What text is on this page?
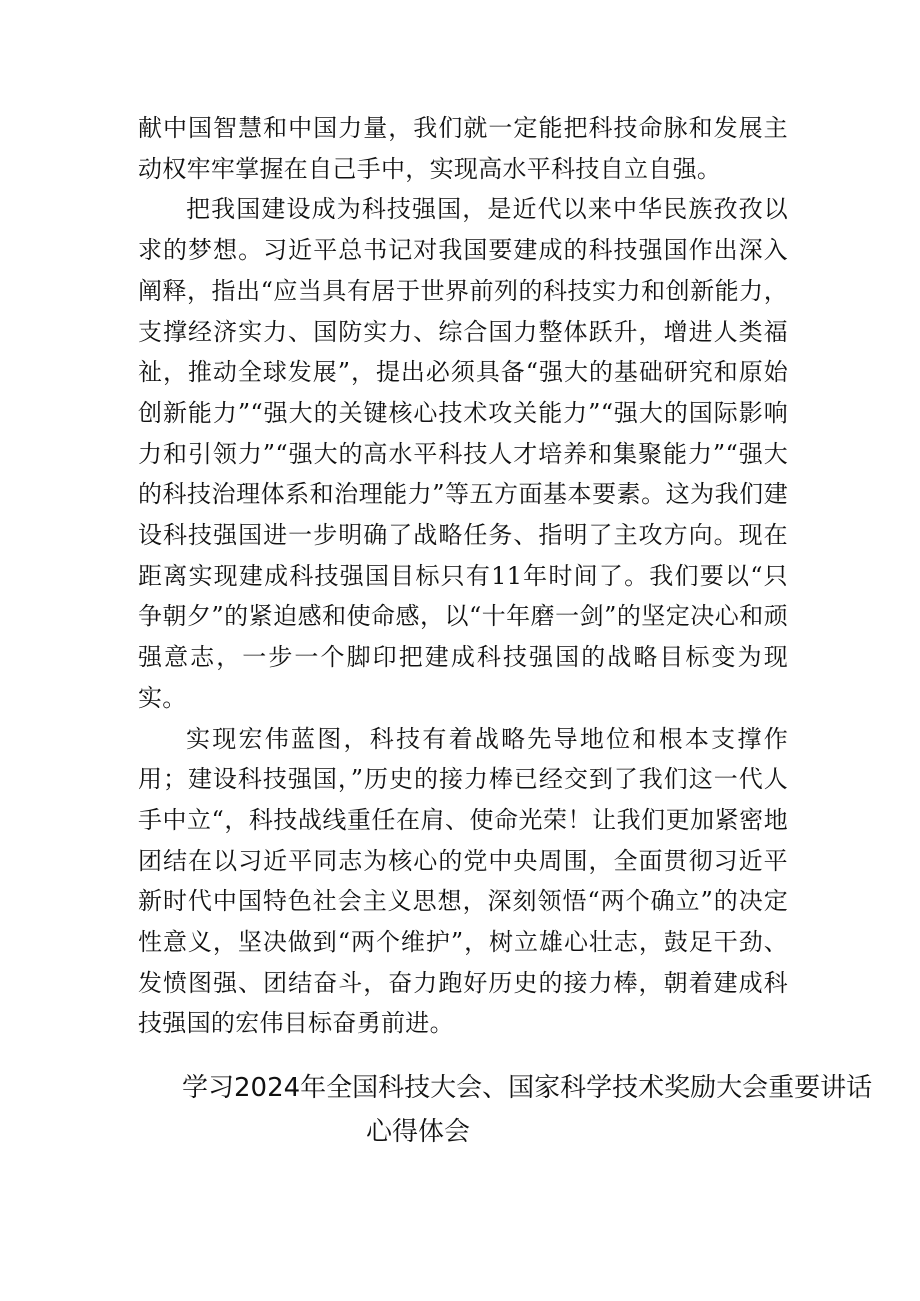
献中国智慧和中国力量，我们就一定能把科技命脉和发展主动权牢牢掌握在自己手中，实现高水平科技自立自强。

把我国建设成为科技强国，是近代以来中华民族孜孜以求的梦想。习近平总书记对我国要建成的科技强国作出深入阐释，指出“应当具有居于世界前列的科技实力和创新能力，支撑经济实力、国防实力、综合国力整体跃升，增进人类福祉，推动全球发展”，提出必须具备“强大的基础研究和原始创新能力”“强大的关键核心技术攻关能力”“强大的国际影响力和引领力”“强大的高水平科技人才培养和集聚能力”“强大的科技治理体系和治理能力”等五方面基本要素。这为我们建设科技强国进一步明确了战略任务、指明了主攻方向。现在距离实现建成科技强国目标只有11年时间了。我们要以“只争朝夕”的紧迫感和使命感，以“十年磨一剑”的坚定决心和顽强意志，一步一个脚印把建成科技强国的战略目标变为现实。

实现宏伟蓝图，科技有着战略先导地位和根本支撑作用；建设科技强国，”历史的接力棒已经交到了我们这一代人手中立“，科技战线重任在肩、使命光荣！让我们更加紧密地团结在以习近平同志为核心的党中央周围，全面贯彻习近平新时代中国特色社会主义思想，深刻领悟“两个确立”的决定性意义，坚决做到“两个维护”，树立雄心壮志，鼓足干劲、发愤图强、团结奋斗，奋力跑好历史的接力棒，朝着建成科技强国的宏伟目标奋勇前进。

学习2024年全国科技大会、国家科学技术奖励大会重要讲话
心得体会
